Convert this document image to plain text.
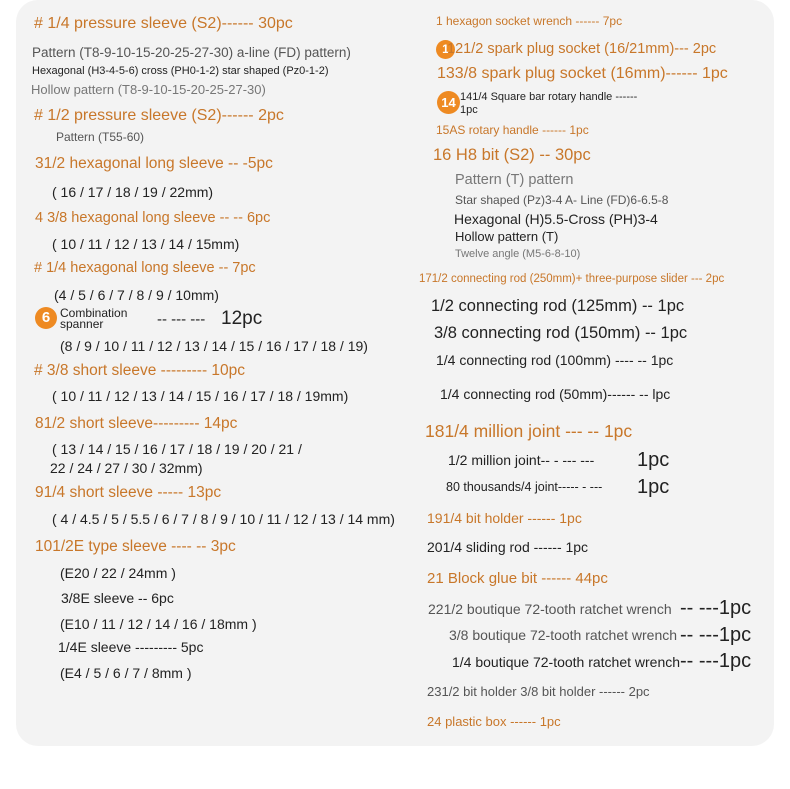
# 1/4 pressure sleeve (S2)------ 30pc
Pattern (T8-9-10-15-20-25-27-30) a-line (FD) pattern)
Hexagonal (H3-4-5-6) cross (PH0-1-2) star shaped (Pz0-1-2)
Hollow pattern (T8-9-10-15-20-25-27-30)
# 1/2 pressure sleeve (S2)------ 2pc
Pattern (T55-60)
31/2 hexagonal long sleeve -- -5pc
( 16 / 17 / 18 / 19 / 22mm)
4 3/8 hexagonal long sleeve -- -- 6pc
( 10 / 11 / 12 / 13 / 14 / 15mm)
# 1/4 hexagonal long sleeve -- 7pc
(4 / 5 / 6 / 7 / 8 / 9 / 10mm)
6 Combination
spanner	-- --- --- 12pc
(8 / 9 / 10 / 11 / 12 / 13 / 14 / 15 / 16 / 17 / 18 / 19)
# 3/8 short sleeve --------- 10pc
( 10 / 11 / 12 / 13 / 14 / 15 / 16 / 17 / 18 / 19mm)
81/2 short sleeve--------- 14pc
( 13 / 14 / 15 / 16 / 17 / 18 / 19 / 20 / 21 /
22 / 24 / 27 / 30 / 32mm)
91/4 short sleeve ----- 13pc
( 4 / 4.5 / 5 / 5.5 / 6 / 7 / 8 / 9 / 10 / 11 / 12 / 13 / 14 mm)
101/2E type sleeve ---- -- 3pc
(E20 / 22 / 24mm )
3/8E sleeve -- 6pc
(E10 / 11 / 12 / 14 / 16 / 18mm )
1/4E sleeve --------- 5pc
(E4 / 5 / 6 / 7 / 8mm )
1 hexagon socket wrench ------ 7pc
1
121/2 spark plug socket (16/21mm)--- 2pc
133/8 spark plug socket (16mm)------ 1pc
14 141/4 Square bar rotary handle ------
1pc
15AS rotary handle ------ 1pc
16 H8 bit (S2) -- 30pc
Pattern (T) pattern
Star shaped (Pz)3-4 A- Line (FD)6-6.5-8
Hexagonal (H)5.5-Cross (PH)3-4
Hollow pattern (T)
Twelve angle (M5-6-8-10)
171/2 connecting rod (250mm)+ three-purpose slider --- 2pc
1/2 connecting rod (125mm) -- 1pc
3/8 connecting rod (150mm) -- 1pc
1/4 connecting rod (100mm) ---- -- 1pc
1/4 connecting rod (50mm)------ -- lpc
181/4 million joint --- -- 1pc
1/2 million joint-- - --- --- 1pc
80 thousands/4 joint----- - --- 1pc
191/4 bit holder ------ 1pc
201/4 sliding rod ------ 1pc
21 Block glue bit ------ 44pc
221/2 boutique 72-tooth ratchet wrench -- ---1pc
3/8 boutique 72-tooth ratchet wrench -- ---1pc
1/4 boutique 72-tooth ratchet wrench -- ---1pc
231/2 bit holder 3/8 bit holder ------ 2pc
24 plastic box ------ 1pc
